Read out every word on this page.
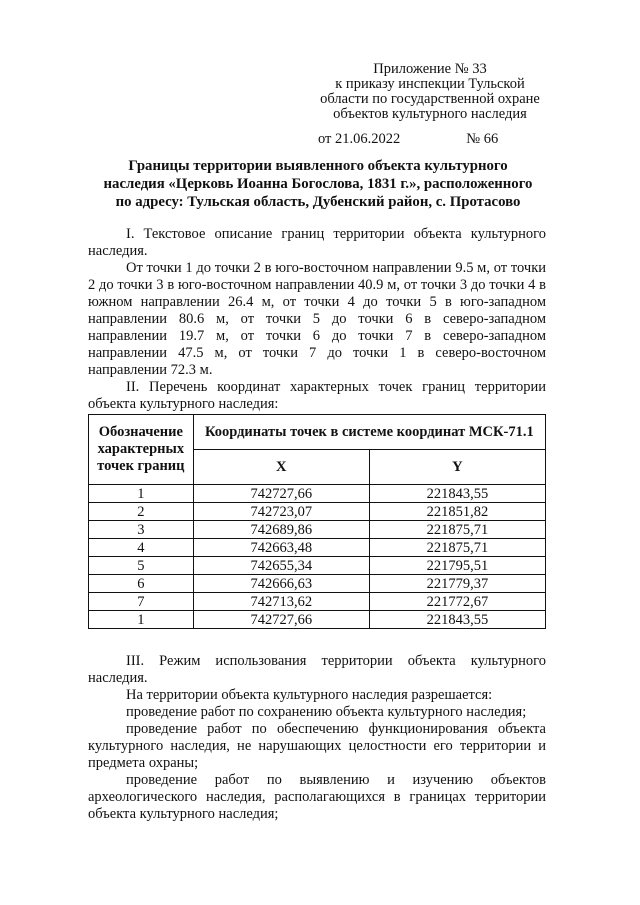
Приложение № 33
к приказу инспекции Тульской
области по государственной охране
объектов культурного наследия
от 21.06.2022	№ 66
Границы территории выявленного объекта культурного
наследия «Церковь Иоанна Богослова, 1831 г.», расположенного
по адресу: Тульская область, Дубенский район, с. Протасово

I. Текстовое описание границ территории объекта культурного наследия.

От точки 1 до точки 2 в юго-восточном направлении 9.5 м, от точки 2 до точки 3 в юго-восточном направлении 40.9 м, от точки 3 до точки 4 в южном направлении 26.4 м, от точки 4 до точки 5 в юго-западном направлении 80.6 м, от точки 5 до точки 6 в северо-западном направлении 19.7 м, от точки 6 до точки 7 в северо-западном направлении 47.5 м, от точки 7 до точки 1 в северо-восточном направлении 72.3 м.

II. Перечень координат характерных точек границ территории объекта культурного наследия:

Обозначение характерных точек границ	Координаты точек в системе координат МСК-71.1	
	X	Y
1	742727,66	221843,55
2	742723,07	221851,82
3	742689,86	221875,71
4	742663,48	221875,71
5	742655,34	221795,51
6	742666,63	221779,37
7	742713,62	221772,67
1	742727,66	221843,55

III. Режим использования территории объекта культурного наследия.

На территории объекта культурного наследия разрешается:

проведение работ по сохранению объекта культурного наследия;

проведение работ по обеспечению функционирования объекта культурного наследия, не нарушающих целостности его территории и предмета охраны;

проведение работ по выявлению и изучению объектов археологического наследия, располагающихся в границах территории объекта культурного наследия;
